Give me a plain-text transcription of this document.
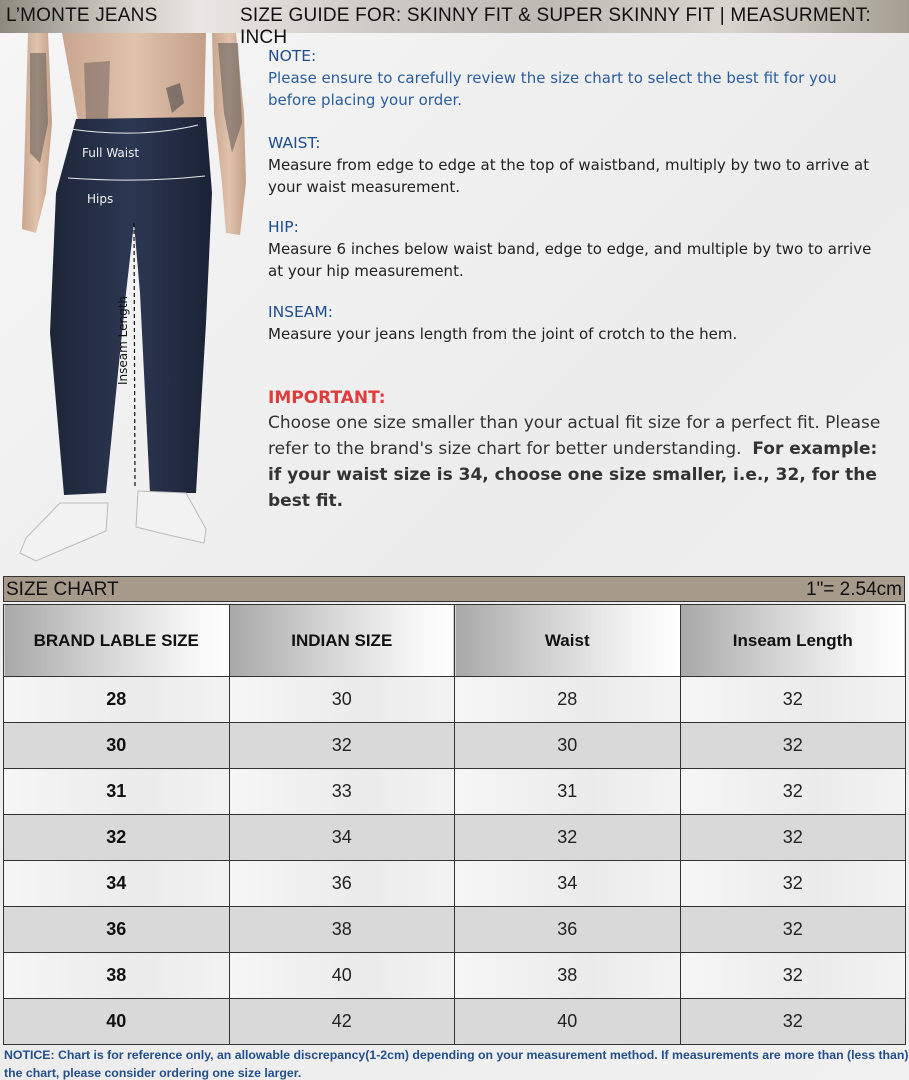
L’MONTE JEANS	SIZE GUIDE FOR: SKINNY FIT & SUPER SKINNY FIT | MEASURMENT: INCH
Full Waist
Hips
Inseam Length
NOTE:
Please ensure to carefully review the size chart to select the best fit for you before placing your order.
WAIST:
Measure from edge to edge at the top of waistband, multiply by two to arrive at your waist measurement.
HIP:
Measure 6 inches below waist band, edge to edge, and multiple by two to arrive at your hip measurement.
INSEAM:
Measure your jeans length from the joint of crotch to the hem.
IMPORTANT:
Choose one size smaller than your actual fit size for a perfect fit. Please refer to the brand's size chart for better understanding. For example: if your waist size is 34, choose one size smaller, i.e., 32, for the best fit.
SIZE CHART	1"= 2.54cm
BRAND LABLE SIZE	INDIAN SIZE	Waist	Inseam Length
28	30	28	32
30	32	30	32
31	33	31	32
32	34	32	32
34	36	34	32
36	38	36	32
38	40	38	32
40	42	40	32
NOTICE: Chart is for reference only, an allowable discrepancy(1-2cm) depending on your measurement method. If measurements are more than (less than) the chart, please consider ordering one size larger.
